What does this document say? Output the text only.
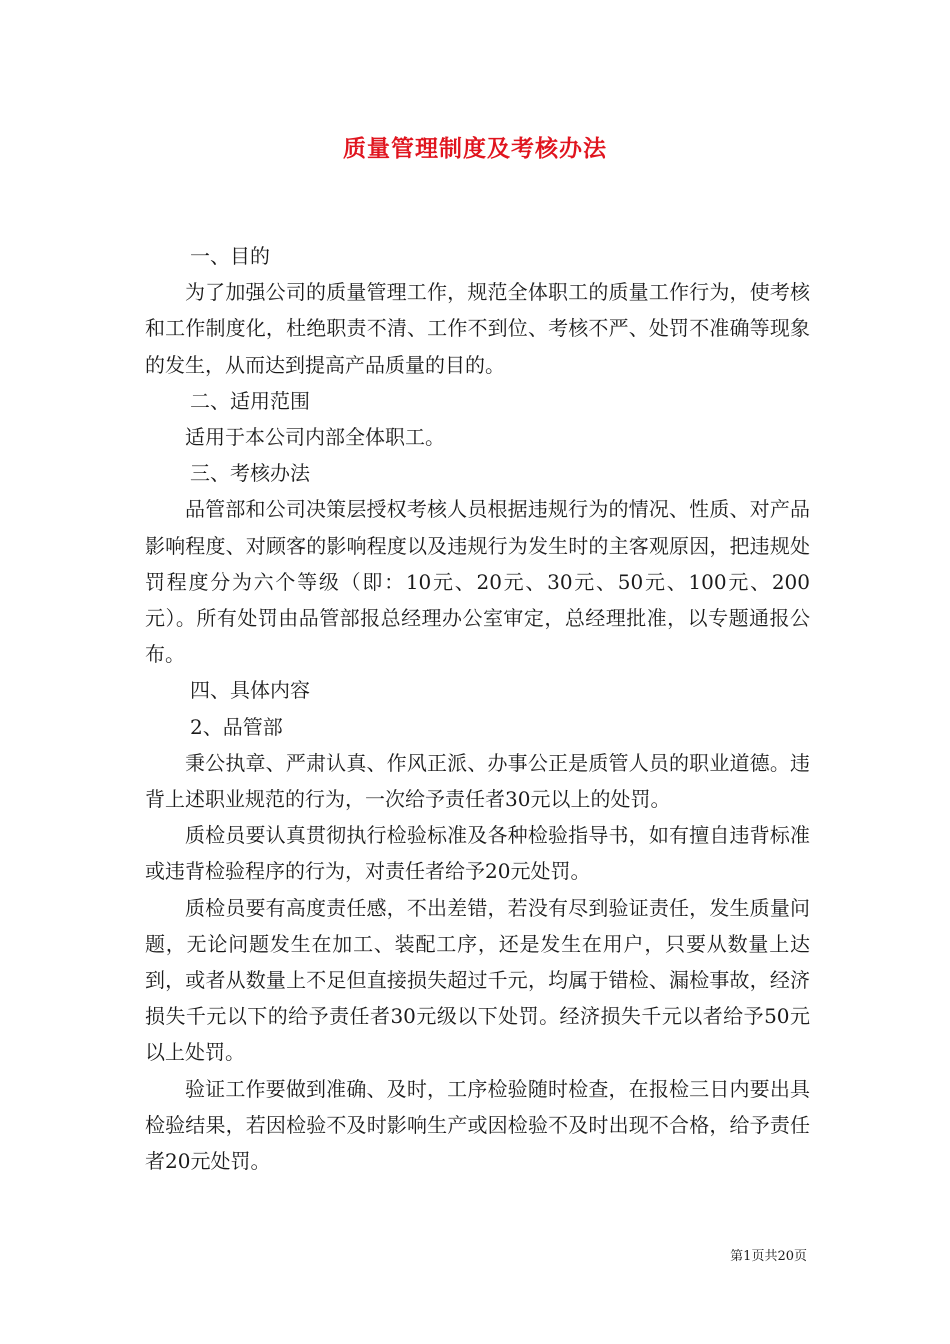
质量管理制度及考核办法

一、目的

为了加强公司的质量管理工作，规范全体职工的质量工作行为，使考核和工作制度化，杜绝职责不清、工作不到位、考核不严、处罚不准确等现象的发生，从而达到提高产品质量的目的。

二、适用范围

适用于本公司内部全体职工。

三、考核办法

品管部和公司决策层授权考核人员根据违规行为的情况、性质、对产品影响程度、对顾客的影响程度以及违规行为发生时的主客观原因，把违规处罚程度分为六个等级（即：10元、20元、30元、50元、100元、200元）。所有处罚由品管部报总经理办公室审定，总经理批准，以专题通报公布。

四、具体内容

2、品管部

秉公执章、严肃认真、作风正派、办事公正是质管人员的职业道德。违背上述职业规范的行为，一次给予责任者30元以上的处罚。

质检员要认真贯彻执行检验标准及各种检验指导书，如有擅自违背标准或违背检验程序的行为，对责任者给予20元处罚。

质检员要有高度责任感，不出差错，若没有尽到验证责任，发生质量问题，无论问题发生在加工、装配工序，还是发生在用户，只要从数量上达到，或者从数量上不足但直接损失超过千元，均属于错检、漏检事故，经济损失千元以下的给予责任者30元级以下处罚。经济损失千元以者给予50元以上处罚。

验证工作要做到准确、及时，工序检验随时检查，在报检三日内要出具检验结果，若因检验不及时影响生产或因检验不及时出现不合格，给予责任者20元处罚。

第1页共20页
